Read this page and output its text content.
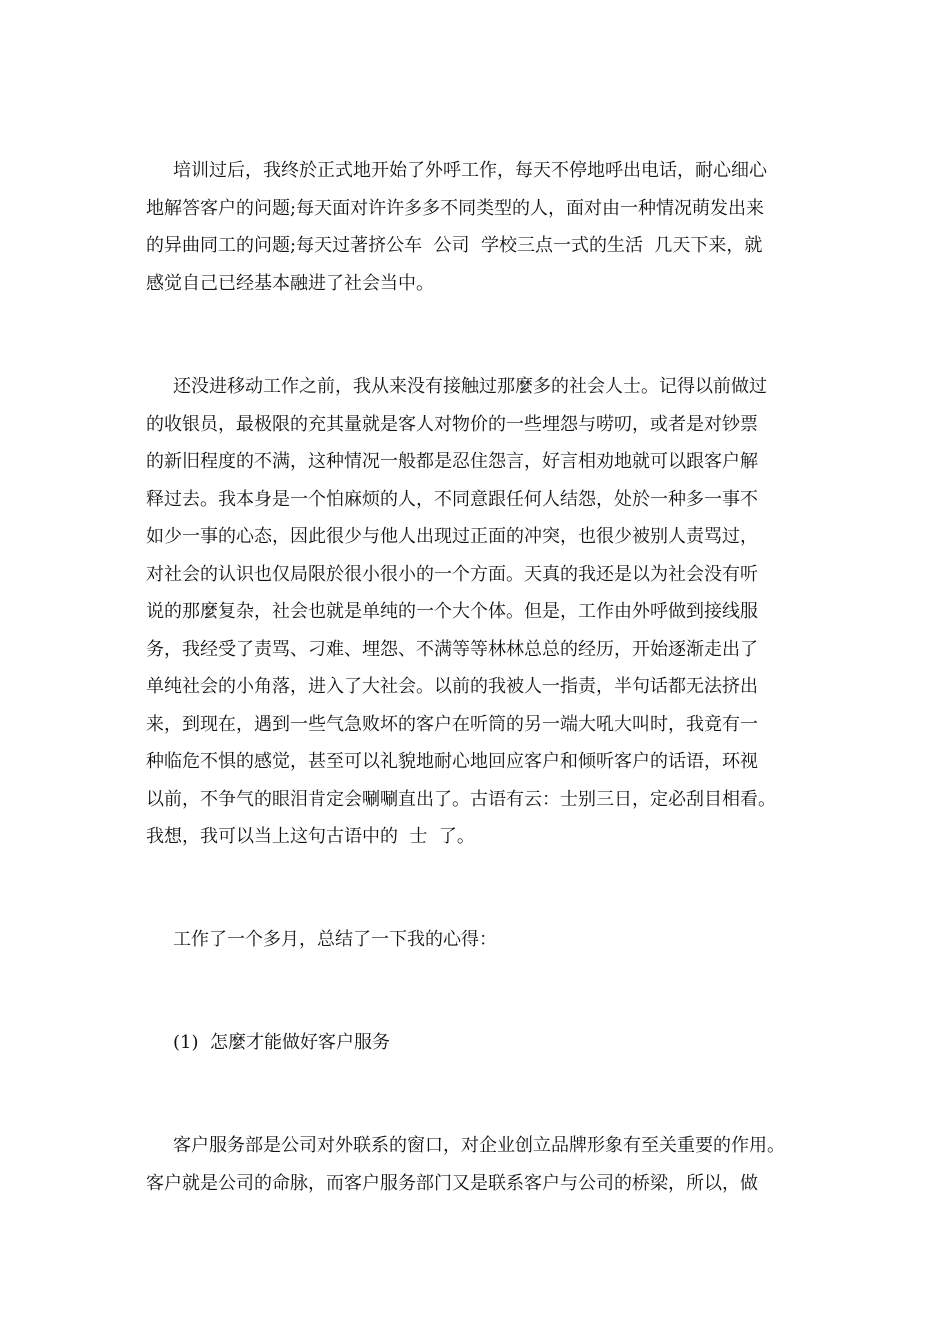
培训过后，我终於正式地开始了外呼工作，每天不停地呼出电话，耐心细心
地解答客户的问题;每天面对许许多多不同类型的人，面对由一种情况萌发出来
的异曲同工的问题;每天过著挤公车  公司  学校三点一式的生活  几天下来，就
感觉自己已经基本融进了社会当中。
还没进移动工作之前，我从来没有接触过那麼多的社会人士。记得以前做过
的收银员，最极限的充其量就是客人对物价的一些埋怨与唠叨，或者是对钞票
的新旧程度的不满，这种情况一般都是忍住怨言，好言相劝地就可以跟客户解
释过去。我本身是一个怕麻烦的人，不同意跟任何人结怨，处於一种多一事不
如少一事的心态，因此很少与他人出现过正面的冲突，也很少被别人责骂过，
对社会的认识也仅局限於很小很小的一个方面。天真的我还是以为社会没有听
说的那麼复杂，社会也就是单纯的一个大个体。但是，工作由外呼做到接线服
务，我经受了责骂、刁难、埋怨、不满等等林林总总的经历，开始逐渐走出了
单纯社会的小角落，进入了大社会。以前的我被人一指责，半句话都无法挤出
来，到现在，遇到一些气急败坏的客户在听筒的另一端大吼大叫时，我竟有一
种临危不惧的感觉，甚至可以礼貌地耐心地回应客户和倾听客户的话语，环视
以前，不争气的眼泪肯定会唰唰直出了。古语有云：士别三日，定必刮目相看。
我想，我可以当上这句古语中的  士  了。
工作了一个多月，总结了一下我的心得：
(1)  怎麼才能做好客户服务
客户服务部是公司对外联系的窗口，对企业创立品牌形象有至关重要的作用。
客户就是公司的命脉，而客户服务部门又是联系客户与公司的桥梁，所以，做
